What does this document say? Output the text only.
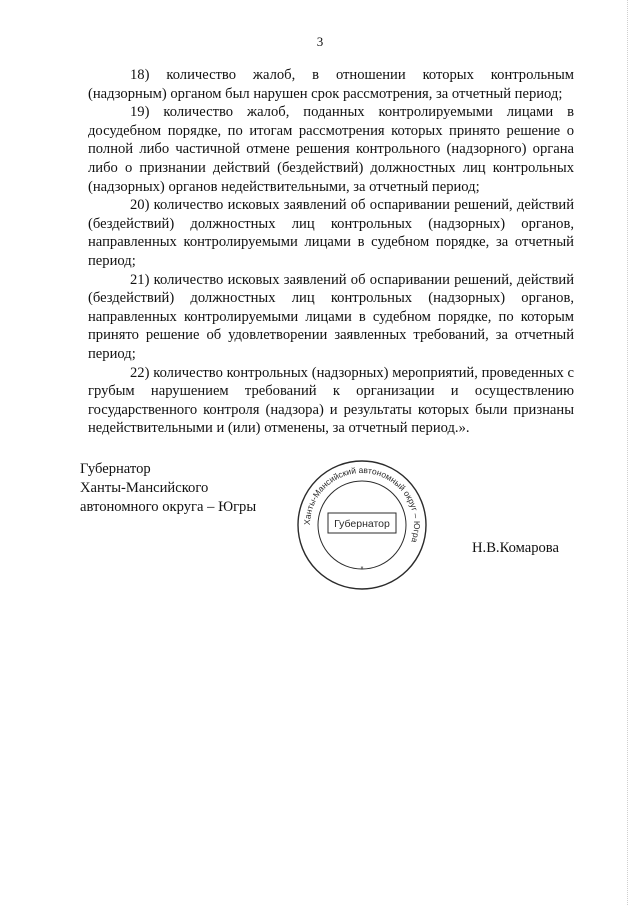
3

18) количество жалоб, в отношении которых контрольным (надзорным) органом был нарушен срок рассмотрения, за отчетный период;

19) количество жалоб, поданных контролируемыми лицами в досудебном порядке, по итогам рассмотрения которых принято решение о полной либо частичной отмене решения контрольного (надзорного) органа либо о признании действий (бездействий) должностных лиц контрольных (надзорных) органов недействительными, за отчетный период;

20) количество исковых заявлений об оспаривании решений, действий (бездействий) должностных лиц контрольных (надзорных) органов, направленных контролируемыми лицами в судебном порядке, за отчетный период;

21) количество исковых заявлений об оспаривании решений, действий (бездействий) должностных лиц контрольных (надзорных) органов, направленных контролируемыми лицами в судебном порядке, по которым принято решение об удовлетворении заявленных требований, за отчетный период;

22) количество контрольных (надзорных) мероприятий, проведенных с грубым нарушением требований к организации и осуществлению государственного контроля (надзора) и результаты которых были признаны недействительными и (или) отменены, за отчетный период.».

Губернатор
Ханты-Мансийского
автономного округа – Югры
Ханты-Мансийский автономный округ – Югра
Губернатор
*
Н.В.Комарова
